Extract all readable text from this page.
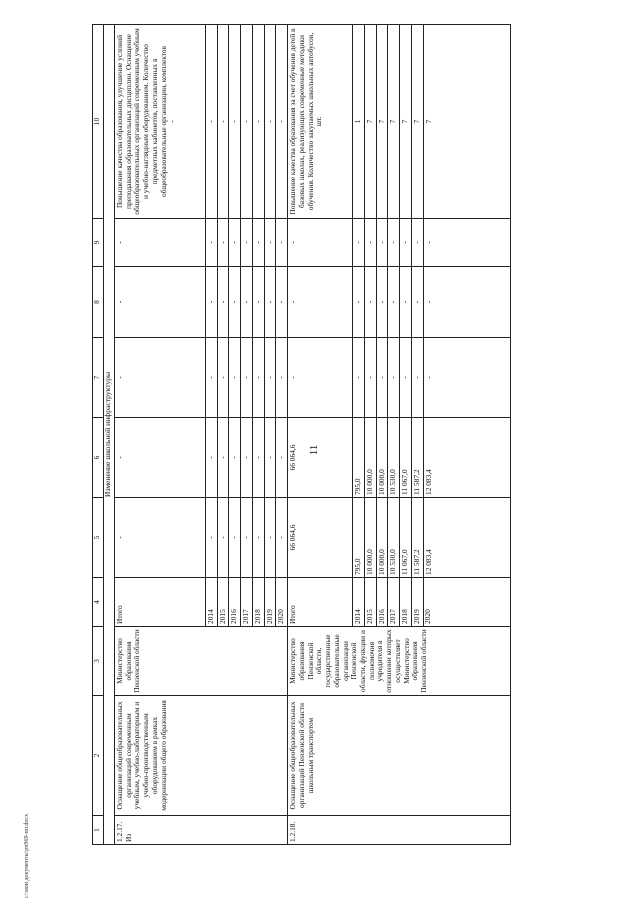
11
c:\мои документы\рп969-пп.docx	1	2	3	4	5	6	7	8	9	10
Изменение школьной инфраструктуры									
1.2.17. Из	Оснащение общеобразовательных организаций современным учебным, учебно-лабораторным и учебно-производственным оборудованием в рамках модернизации общего образования	Министерство образования Пензенской области	Итого	-	-	-	-	-	Повышение качества образования, улучшение условий преподавания образовательных дисциплин. Оснащение общеобразовательных организаций современным учебным и учебно-наглядным оборудованием. Количество предметных кабинетов, поставленных в общеобразовательные организации, комплектов -

			2014	-	-	-	-	-	-
			2015	-	-	-	-	-	-
			2016	-	-	-	-	-	-
			2017	-	-	-	-	-	-
			2018	-	-	-	-	-	-
			2019	-	-	-	-	-	-
			2020	-	-	-	-	-	-
1.2.18.	Оснащение общеобразовательных организаций Пензенской области школьным транспортом	Министерство образования Пензенской области, государственные образовательные организации Пензенской области, функции и полномочия учредителя в отношении которых осуществляет Министерство образования Пензенской области	Итого	66 064,6	66 064,6	-	-	-	Повышение качества образования за счет обучения детей в базовых школах, реализующих современные методики обучения. Количество закупаемых школьных автобусов, шт.

			2014	795,0	795,0	-	-	-	1
			2015	10 000,0	10 000,0	-	-	-	7
			2016	10 000,0	10 000,0	-	-	-	7
			2017	10 530,0	10 530,0	-	-	-	7
			2018	11 067,0	11 067,0	-	-	-	7
			2019	11 587,2	11 587,2	-	-	-	7
			2020	12 083,4	12 083,4	-	-	-	7
